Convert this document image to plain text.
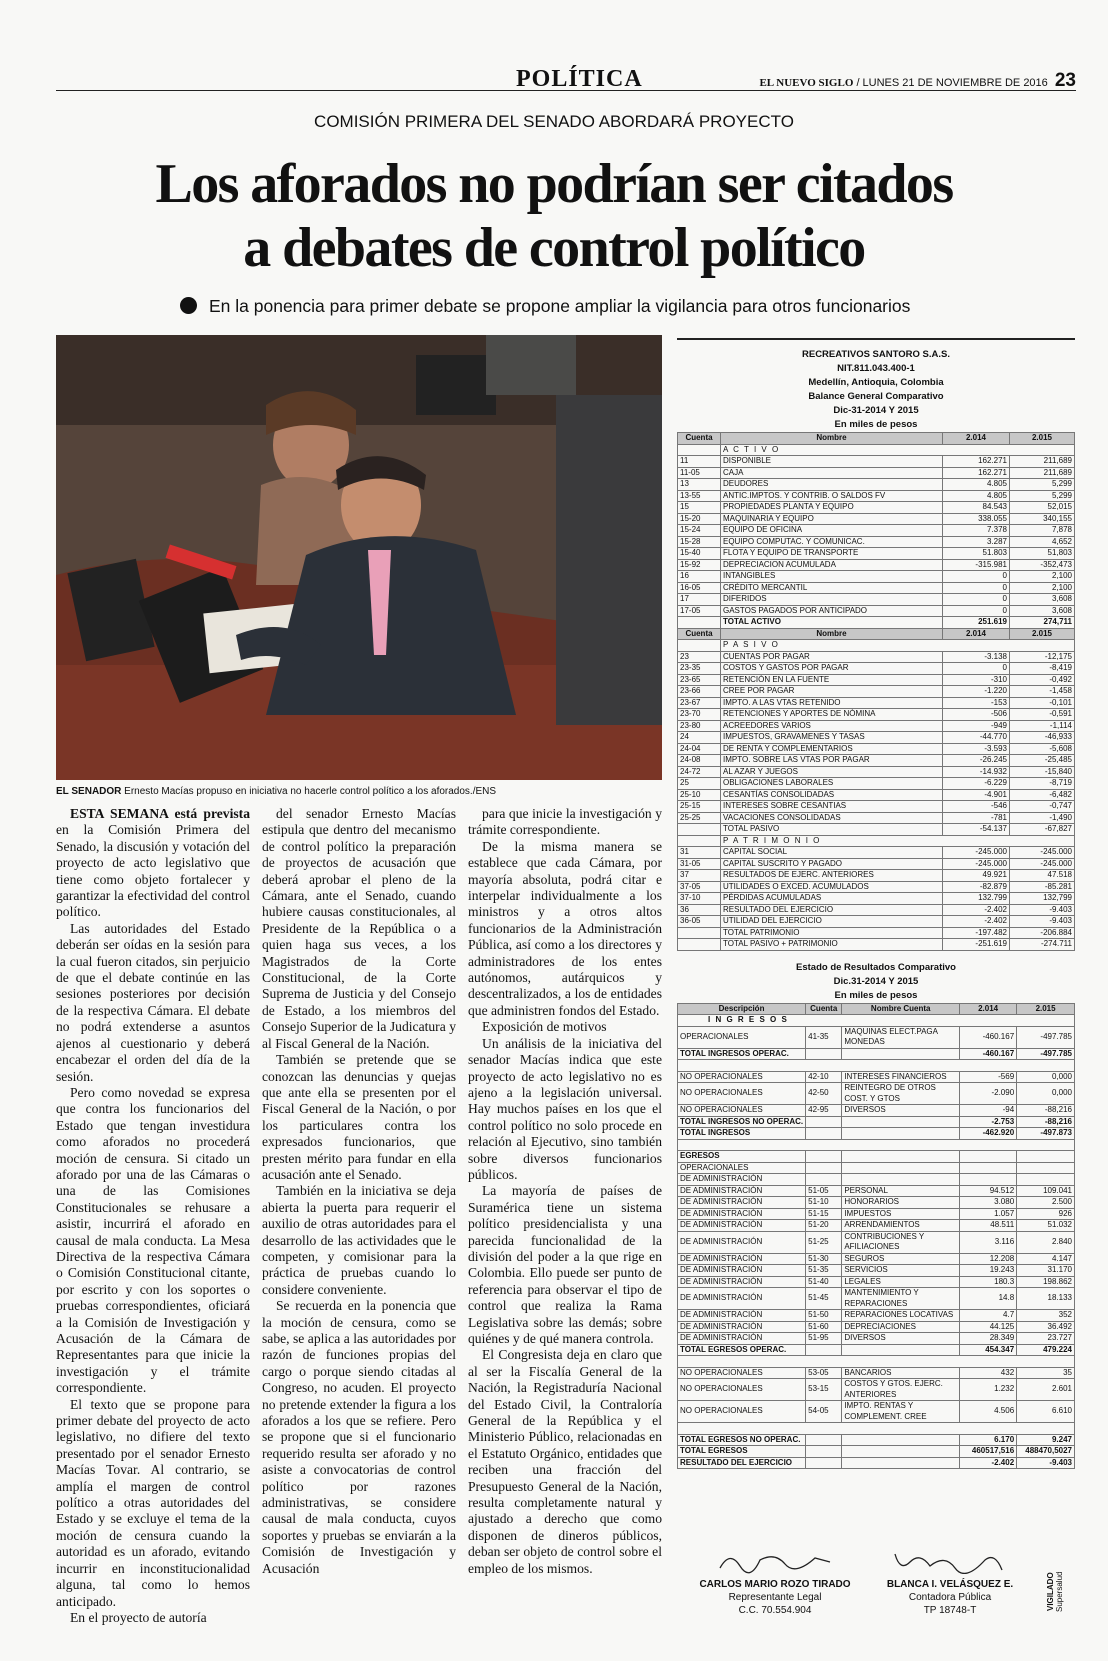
POLÍTICA	EL NUEVO SIGLO / LUNES 21 DE NOVIEMBRE DE 2016 23
COMISIÓN PRIMERA DEL SENADO ABORDARÁ PROYECTO
Los aforados no podrían ser citados
a debates de control político
En la ponencia para primer debate se propone ampliar la vigilancia para otros funcionarios
EL SENADOR Ernesto Macías propuso en iniciativa no hacerle control político a los aforados./ENS

ESTA SEMANA está prevista en la Comisión Primera del Senado, la discusión y votación del proyecto de acto legislativo que tiene como objeto fortalecer y garantizar la efectividad del control político.

Las autoridades del Estado deberán ser oídas en la sesión para la cual fueron citados, sin perjuicio de que el debate continúe en las sesiones posteriores por decisión de la respectiva Cámara. El debate no podrá extenderse a asuntos ajenos al cuestionario y deberá encabezar el orden del día de la sesión.

Pero como novedad se expresa que contra los funcionarios del Estado que tengan investidura como aforados no procederá moción de censura. Si citado un aforado por una de las Cámaras o una de las Comisiones Constitucionales se rehusare a asistir, incurrirá el aforado en causal de mala conducta. La Mesa Directiva de la respectiva Cámara o Comisión Constitucional citante, por escrito y con los soportes o pruebas correspondientes, oficiará a la Comisión de Investigación y Acusación de la Cámara de Representantes para que inicie la investigación y el trámite correspondiente.

El texto que se propone para primer debate del proyecto de acto legislativo, no difiere del texto presentado por el senador Ernesto Macías Tovar. Al contrario, se amplía el margen de control político a otras autoridades del Estado y se excluye el tema de la moción de censura cuando la autoridad es un aforado, evitando incurrir en inconstitucionalidad alguna, tal como lo hemos anticipado.

En el proyecto de autoría

del senador Ernesto Macías estipula que dentro del mecanismo de control político la preparación de proyectos de acusación que deberá aprobar el pleno de la Cámara, ante el Senado, cuando hubiere causas constitucionales, al Presidente de la República o a quien haga sus veces, a los Magistrados de la Corte Constitucional, de la Corte Suprema de Justicia y del Consejo de Estado, a los miembros del Consejo Superior de la Judicatura y al Fiscal General de la Nación.

También se pretende que se conozcan las denuncias y quejas que ante ella se presenten por el Fiscal General de la Nación, o por los particulares contra los expresados funcionarios, que presten mérito para fundar en ella acusación ante el Senado.

También en la iniciativa se deja abierta la puerta para requerir el auxilio de otras autoridades para el desarrollo de las actividades que le competen, y comisionar para la práctica de pruebas cuando lo considere conveniente.

Se recuerda en la ponencia que la moción de censura, como se sabe, se aplica a las autoridades por razón de funciones propias del cargo o porque siendo citadas al Congreso, no acuden. El proyecto no pretende extender la figura a los aforados a los que se refiere. Pero se propone que si el funcionario requerido resulta ser aforado y no asiste a convocatorias de control político por razones administrativas, se considere causal de mala conducta, cuyos soportes y pruebas se enviarán a la Comisión de Investigación y Acusación

para que inicie la investigación y trámite correspondiente.

De la misma manera se establece que cada Cámara, por mayoría absoluta, podrá citar e interpelar individualmente a los ministros y a otros altos funcionarios de la Administración Pública, así como a los directores y administradores de los entes autónomos, autárquicos y descentralizados, a los de entidades que administren fondos del Estado.

Exposición de motivos

Un análisis de la iniciativa del senador Macías indica que este proyecto de acto legislativo no es ajeno a la legislación universal. Hay muchos países en los que el control político no solo procede en relación al Ejecutivo, sino también sobre diversos funcionarios públicos.

La mayoría de países de Suramérica tiene un sistema político presidencialista y una parecida funcionalidad de la división del poder a la que rige en Colombia. Ello puede ser punto de referencia para observar el tipo de control que realiza la Rama Legislativa sobre las demás; sobre quiénes y de qué manera controla.

El Congresista deja en claro que al ser la Fiscalía General de la Nación, la Registraduría Nacional del Estado Civil, la Contraloría General de la República y el Ministerio Público, relacionadas en el Estatuto Orgánico, entidades que reciben una fracción del Presupuesto General de la Nación, resulta completamente natural y ajustado a derecho que como disponen de dineros públicos, deban ser objeto de control sobre el empleo de los mismos.

RECREATIVOS SANTORO S.A.S.
NIT.811.043.400-1
Medellín, Antioquia, Colombia
Balance General Comparativo
Dic-31-2014 Y 2015
En miles de pesos
Cuenta	Nombre	2.014	2.015
	A C T I V O		
11	DISPONIBLE	162.271	211,689
11-05	CAJA	162.271	211,689
13	DEUDORES	4.805	5,299
13-55	ANTIC.IMPTOS. Y CONTRIB. O SALDOS FV	4.805	5,299
15	PROPIEDADES PLANTA Y EQUIPO	84.543	52,015
15-20	MAQUINARIA Y EQUIPO	338.055	340,155
15-24	EQUIPO DE OFICINA	7.378	7,878
15-28	EQUIPO COMPUTAC. Y COMUNICAC.	3.287	4,652
15-40	FLOTA Y EQUIPO DE TRANSPORTE	51.803	51,803
15-92	DEPRECIACION ACUMULADA	-315.981	-352,473
16	INTANGIBLES	0	2,100
16-05	CRÉDITO MERCANTIL	0	2,100
17	DIFERIDOS	0	3,608
17-05	GASTOS PAGADOS POR ANTICIPADO	0	3,608
	TOTAL ACTIVO	251.619	274,711
Cuenta	Nombre	2.014	2.015
	P A S I V O		
23	CUENTAS POR PAGAR	-3.138	-12,175
23-35	COSTOS Y GASTOS POR PAGAR	0	-8,419
23-65	RETENCIÓN EN LA FUENTE	-310	-0,492
23-66	CREE POR PAGAR	-1.220	-1,458
23-67	IMPTO. A LAS VTAS RETENIDO	-153	-0,101
23-70	RETENCIONES Y APORTES DE NÓMINA	-506	-0,591
23-80	ACREEDORES VARIOS	-949	-1,114
24	IMPUESTOS, GRAVAMENES Y TASAS	-44.770	-46,933
24-04	DE RENTA Y COMPLEMENTARIOS	-3.593	-5,608
24-08	IMPTO. SOBRE LAS VTAS POR PAGAR	-26.245	-25,485
24-72	AL AZAR Y JUEGOS	-14.932	-15,840
25	OBLIGACIONES LABORALES	-6.229	-8,719
25-10	CESANTÍAS CONSOLIDADAS	-4.901	-6,482
25-15	INTERESES SOBRE CESANTIAS	-546	-0,747
25-25	VACACIONES CONSOLIDADAS	-781	-1,490
	TOTAL PASIVO	-54.137	-67,827
	P A T R I M O N I O		
31	CAPITAL SOCIAL	-245.000	-245.000
31-05	CAPITAL SUSCRITO Y PAGADO	-245.000	-245.000
37	RESULTADOS DE EJERC. ANTERIORES	49.921	47.518
37-05	UTILIDADES O EXCED. ACUMULADOS	-82.879	-85.281
37-10	PÉRDIDAS ACUMULADAS	132.799	132,799
36	RESULTADO DEL EJERCICIO	-2.402	-9.403
36-05	UTILIDAD DEL EJERCICIO	-2.402	-9.403
	TOTAL PATRIMONIO	-197.482	-206.884
	TOTAL PASIVO + PATRIMONIO	-251.619	-274.711
Estado de Resultados Comparativo
Dic.31-2014 Y 2015
En miles de pesos
Descripción	Cuenta	Nombre Cuenta	2.014	2.015
I N G R E S O S				
OPERACIONALES	41-35	MAQUINAS ELECT.PAGA MONEDAS	-460.167	-497.785
TOTAL INGRESOS OPERAC.			-460.167	-497.785

NO OPERACIONALES	42-10	INTERESES FINANCIEROS	-569	0,000
NO OPERACIONALES	42-50	REINTEGRO DE OTROS COST. Y GTOS	-2.090	0,000
NO OPERACIONALES	42-95	DIVERSOS	-94	-88,216
TOTAL INGRESOS NO OPERAC.			-2.753	-88,216
TOTAL INGRESOS			-462.920	-497.873

EGRESOS				
OPERACIONALES				
DE ADMINISTRACIÓN				
DE ADMINISTRACIÓN	51-05	PERSONAL	94.512	109.041
DE ADMINISTRACIÓN	51-10	HONORARIOS	3.080	2.500
DE ADMINISTRACIÓN	51-15	IMPUESTOS	1.057	926
DE ADMINISTRACIÓN	51-20	ARRENDAMIENTOS	48.511	51.032
DE ADMINISTRACIÓN	51-25	CONTRIBUCIONES Y AFILIACIONES	3.116	2.840
DE ADMINISTRACIÓN	51-30	SEGUROS	12.208	4.147
DE ADMINISTRACIÓN	51-35	SERVICIOS	19.243	31.170
DE ADMINISTRACIÓN	51-40	LEGALES	180.3	198.862
DE ADMINISTRACIÓN	51-45	MANTENIMIENTO Y REPARACIONES	14.8	18.133
DE ADMINISTRACIÓN	51-50	REPARACIONES LOCATIVAS	4.7	352
DE ADMINISTRACIÓN	51-60	DEPRECIACIONES	44.125	36.492
DE ADMINISTRACIÓN	51-95	DIVERSOS	28.349	23.727
TOTAL EGRESOS OPERAC.			454.347	479.224

NO OPERACIONALES	53-05	BANCARIOS	432	35
NO OPERACIONALES	53-15	COSTOS Y GTOS. EJERC. ANTERIORES	1.232	2.601
NO OPERACIONALES	54-05	IMPTO. RENTAS Y COMPLEMENT. CREE	4.506	6.610

TOTAL EGRESOS NO OPERAC.			6.170	9.247
TOTAL EGRESOS			460517,516	488470,5027
RESULTADO DEL EJERCICIO			-2.402	-9.403
CARLOS MARIO ROZO TIRADO
Representante Legal
C.C. 70.554.904
BLANCA I. VELÁSQUEZ E.
Contadora Pública
TP 18748-T	VIGILADO Supersalud
